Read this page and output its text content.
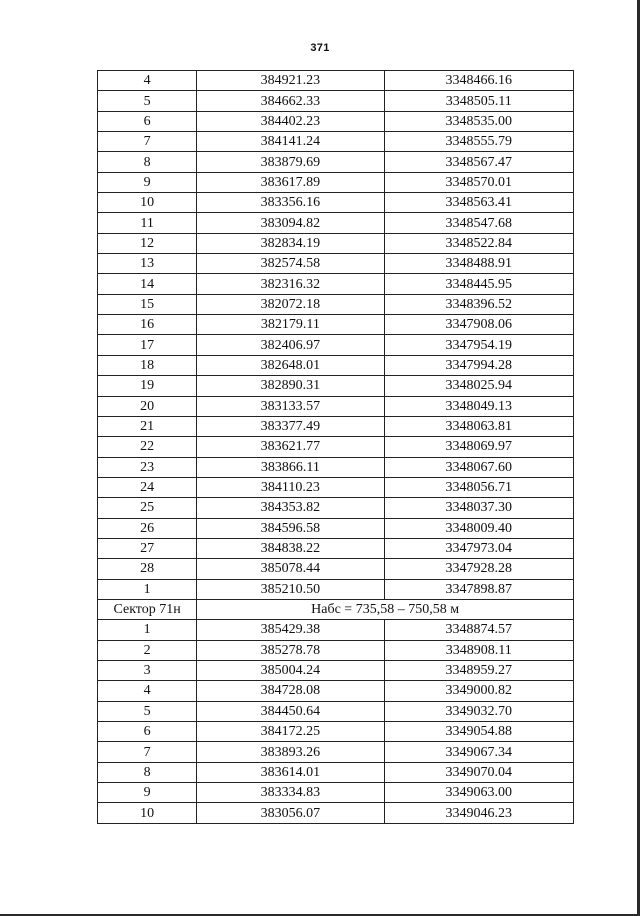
371
4	384921.23	3348466.16
5	384662.33	3348505.11
6	384402.23	3348535.00
7	384141.24	3348555.79
8	383879.69	3348567.47
9	383617.89	3348570.01
10	383356.16	3348563.41
11	383094.82	3348547.68
12	382834.19	3348522.84
13	382574.58	3348488.91
14	382316.32	3348445.95
15	382072.18	3348396.52
16	382179.11	3347908.06
17	382406.97	3347954.19
18	382648.01	3347994.28
19	382890.31	3348025.94
20	383133.57	3348049.13
21	383377.49	3348063.81
22	383621.77	3348069.97
23	383866.11	3348067.60
24	384110.23	3348056.71
25	384353.82	3348037.30
26	384596.58	3348009.40
27	384838.22	3347973.04
28	385078.44	3347928.28
1	385210.50	3347898.87
Сектор 71н	Набс = 735,58 – 750,58 м	
1	385429.38	3348874.57
2	385278.78	3348908.11
3	385004.24	3348959.27
4	384728.08	3349000.82
5	384450.64	3349032.70
6	384172.25	3349054.88
7	383893.26	3349067.34
8	383614.01	3349070.04
9	383334.83	3349063.00
10	383056.07	3349046.23
